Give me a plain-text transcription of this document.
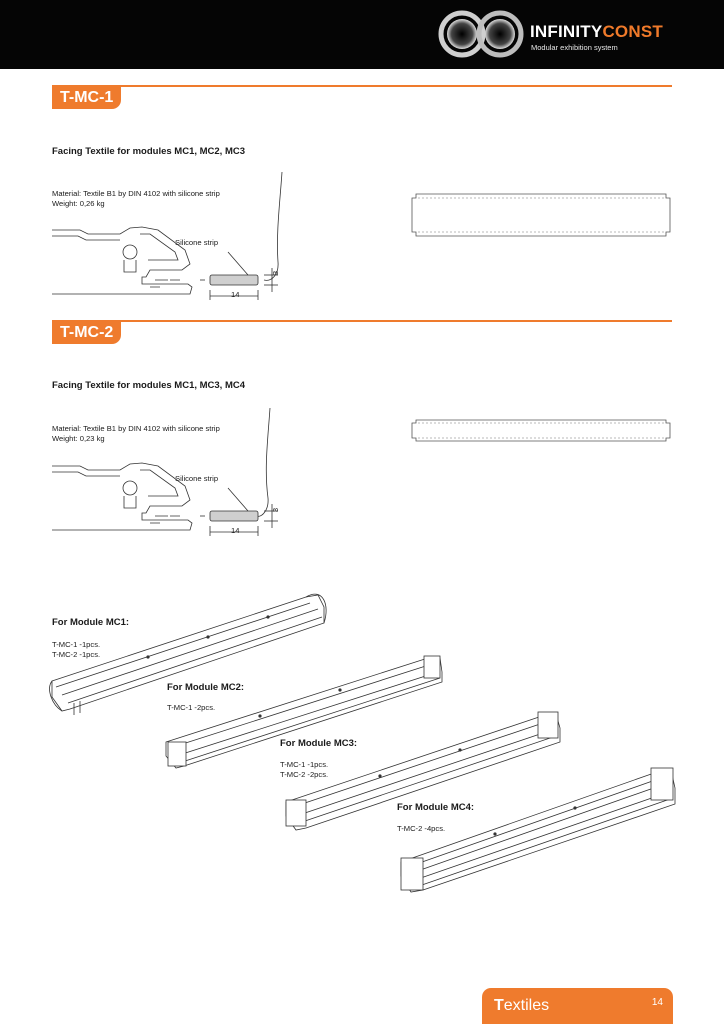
INFINITYCONST
Modular exhibition system
T-MC-1
Facing Textile for modules MC1, MC2, MC3
Material: Textile B1 by DIN 4102 with silicone strip
Weight: 0,26 kg
Silicone strip
14
3
T-MC-2
Facing Textile for modules MC1, MC3, MC4
Material: Textile B1 by DIN 4102 with silicone strip
Weight: 0,23 kg
Silicone strip
14
3
For Module MC1:
T-MC-1 -1pcs.
T-MC-2 -1pcs.
For Module MC2:
T-MC-1 -2pcs.
For Module MC3:
T-MC-1 -1pcs.
T-MC-2 -2pcs.
For Module MC4:
T-MC-2 -4pcs.
Textiles	14
